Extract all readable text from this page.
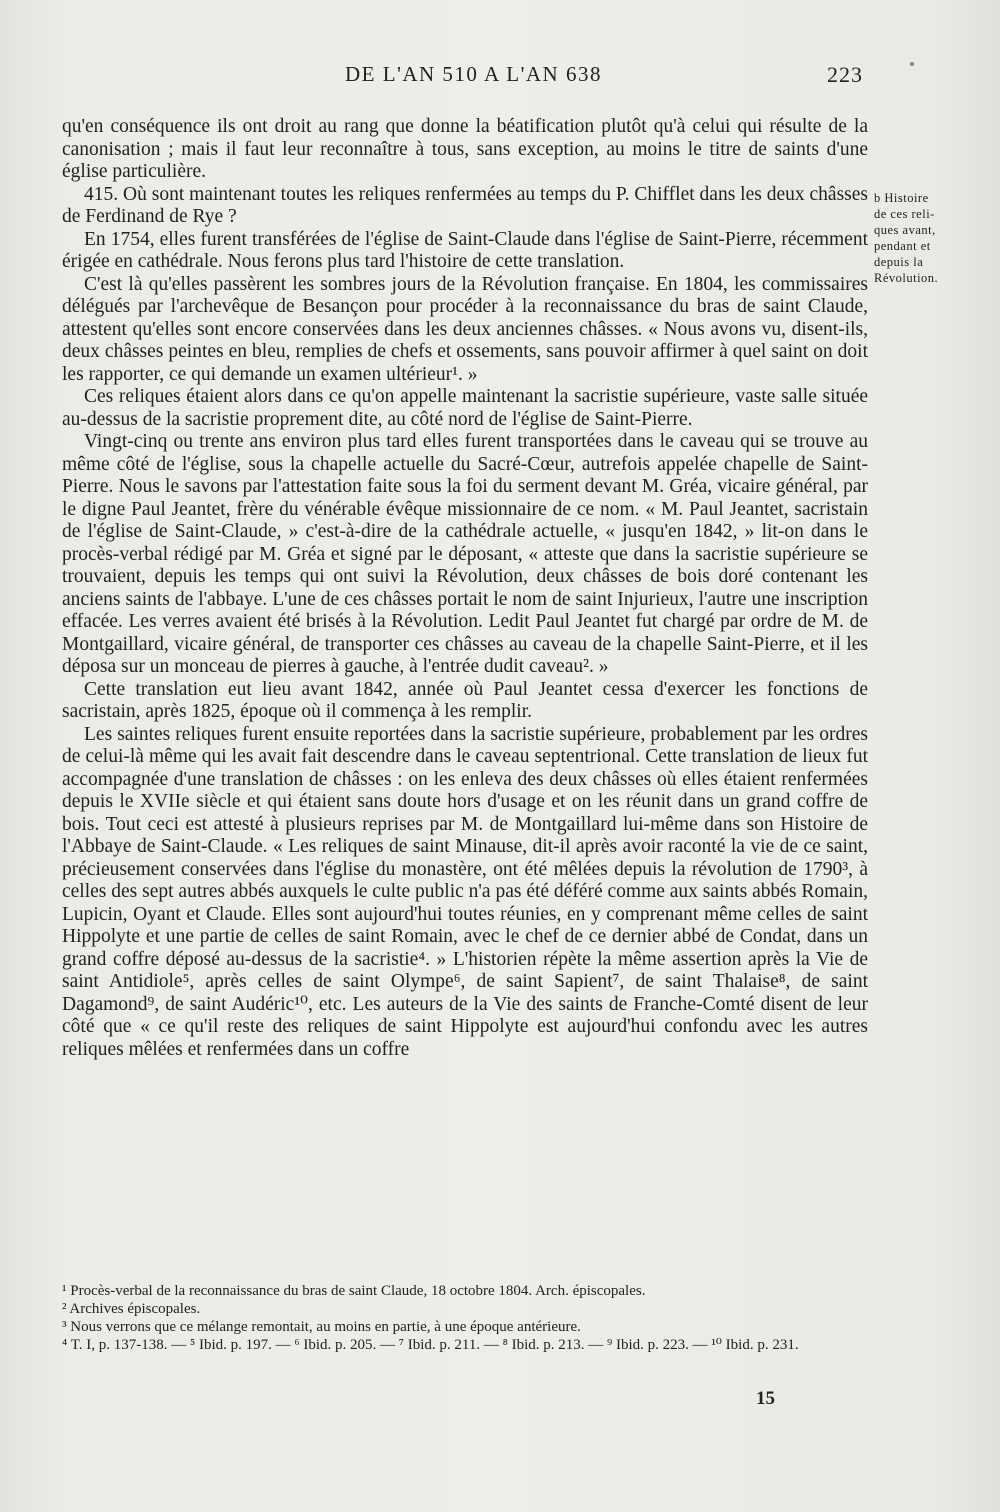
DE L'AN 510 A L'AN 638	223
b Histoire
de ces reli-
ques avant,
pendant et
depuis la
Révolution.

qu'en conséquence ils ont droit au rang que donne la béatification plutôt qu'à celui qui résulte de la canonisation ; mais il faut leur reconnaître à tous, sans exception, au moins le titre de saints d'une église particulière.

415. Où sont maintenant toutes les reliques renfermées au temps du P. Chifflet dans les deux châsses de Ferdinand de Rye ?

En 1754, elles furent transférées de l'église de Saint-Claude dans l'église de Saint-Pierre, récemment érigée en cathédrale. Nous ferons plus tard l'histoire de cette translation.

C'est là qu'elles passèrent les sombres jours de la Révolution française. En 1804, les commissaires délégués par l'archevêque de Besançon pour procéder à la reconnaissance du bras de saint Claude, attestent qu'elles sont encore conservées dans les deux anciennes châsses. « Nous avons vu, disent-ils, deux châsses peintes en bleu, remplies de chefs et ossements, sans pouvoir affirmer à quel saint on doit les rapporter, ce qui demande un examen ultérieur¹. »

Ces reliques étaient alors dans ce qu'on appelle maintenant la sacristie supérieure, vaste salle située au-dessus de la sacristie proprement dite, au côté nord de l'église de Saint-Pierre.

Vingt-cinq ou trente ans environ plus tard elles furent transportées dans le caveau qui se trouve au même côté de l'église, sous la chapelle actuelle du Sacré-Cœur, autrefois appelée chapelle de Saint-Pierre. Nous le savons par l'attestation faite sous la foi du serment devant M. Gréa, vicaire général, par le digne Paul Jeantet, frère du vénérable évêque missionnaire de ce nom. « M. Paul Jeantet, sacristain de l'église de Saint-Claude, » c'est-à-dire de la cathédrale actuelle, « jusqu'en 1842, » lit-on dans le procès-verbal rédigé par M. Gréa et signé par le déposant, « atteste que dans la sacristie supérieure se trouvaient, depuis les temps qui ont suivi la Révolution, deux châsses de bois doré contenant les anciens saints de l'abbaye. L'une de ces châsses portait le nom de saint Injurieux, l'autre une inscription effacée. Les verres avaient été brisés à la Révolution. Ledit Paul Jeantet fut chargé par ordre de M. de Montgaillard, vicaire général, de transporter ces châsses au caveau de la chapelle Saint-Pierre, et il les déposa sur un monceau de pierres à gauche, à l'entrée dudit caveau². »

Cette translation eut lieu avant 1842, année où Paul Jeantet cessa d'exercer les fonctions de sacristain, après 1825, époque où il commença à les remplir.

Les saintes reliques furent ensuite reportées dans la sacristie supérieure, probablement par les ordres de celui-là même qui les avait fait descendre dans le caveau septentrional. Cette translation de lieux fut accompagnée d'une translation de châsses : on les enleva des deux châsses où elles étaient renfermées depuis le XVIIe siècle et qui étaient sans doute hors d'usage et on les réunit dans un grand coffre de bois. Tout ceci est attesté à plusieurs reprises par M. de Montgaillard lui-même dans son Histoire de l'Abbaye de Saint-Claude. « Les reliques de saint Minause, dit-il après avoir raconté la vie de ce saint, précieusement conservées dans l'église du monastère, ont été mêlées depuis la révolution de 1790³, à celles des sept autres abbés auxquels le culte public n'a pas été déféré comme aux saints abbés Romain, Lupicin, Oyant et Claude. Elles sont aujourd'hui toutes réunies, en y comprenant même celles de saint Hippolyte et une partie de celles de saint Romain, avec le chef de ce dernier abbé de Condat, dans un grand coffre déposé au-dessus de la sacristie⁴. » L'historien répète la même assertion après la Vie de saint Antidiole⁵, après celles de saint Olympe⁶, de saint Sapient⁷, de saint Thalaise⁸, de saint Dagamond⁹, de saint Audéric¹⁰, etc. Les auteurs de la Vie des saints de Franche-Comté disent de leur côté que « ce qu'il reste des reliques de saint Hippolyte est aujourd'hui confondu avec les autres reliques mêlées et renfermées dans un coffre

¹ Procès-verbal de la reconnaissance du bras de saint Claude, 18 octobre 1804. Arch. épiscopales.
² Archives épiscopales.
³ Nous verrons que ce mélange remontait, au moins en partie, à une époque antérieure.
⁴ T. I, p. 137-138. — ⁵ Ibid. p. 197. — ⁶ Ibid. p. 205. — ⁷ Ibid. p. 211. — ⁸ Ibid. p. 213. — ⁹ Ibid. p. 223. — ¹⁰ Ibid. p. 231.
15
